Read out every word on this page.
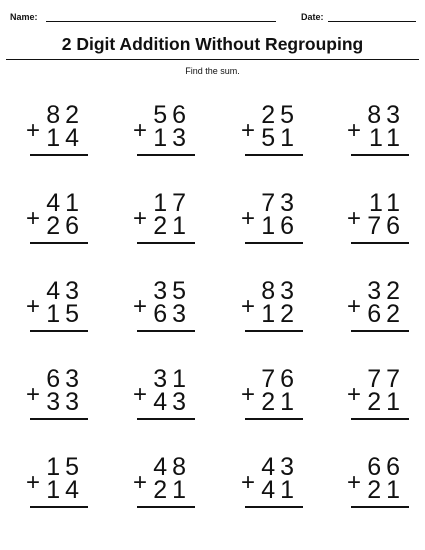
Name:	Date:
2 Digit Addition Without Regrouping
Find the sum.
+
82
14 +
56
13 +
25
51 +
83
11
+
41
26 +
17
21 +
73
16 +
11
76
+
43
15 +
35
63 +
83
12 +
32
62
+
63
33 +
31
43 +
76
21 +
77
21
+
15
14 +
48
21 +
43
41 +
66
21
